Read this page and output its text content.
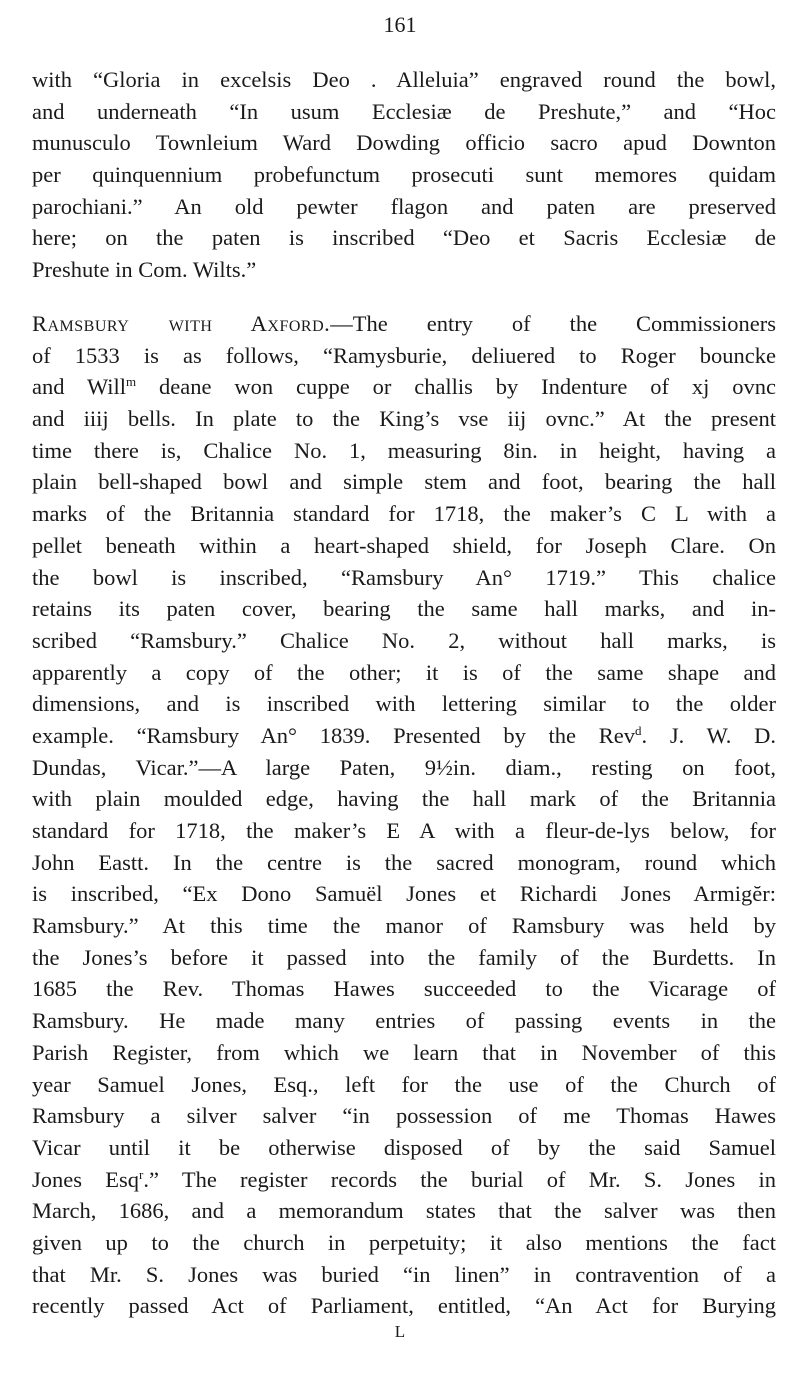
161
with “Gloria in excelsis Deo . Alleluia” engraved round the bowl,
and underneath “In usum Ecclesiæ de Preshute,” and “Hoc
munusculo Townleium Ward Dowding officio sacro apud Downton
per quinquennium probefunctum prosecuti sunt memores quidam
parochiani.” An old pewter flagon and paten are preserved
here; on the paten is inscribed “Deo et Sacris Ecclesiæ de
Preshute in Com. Wilts.”
Ramsbury with Axford.—The entry of the Commissioners
of 1533 is as follows, “Ramysburie, deliuered to Roger bouncke
and Will$^m$ deane won cuppe or challis by Indenture of xj ovnc
and iiij bells. In plate to the King’s vse iij ovnc.” At the present
time there is, Chalice No. 1, measuring 8in. in height, having a
plain bell-shaped bowl and simple stem and foot, bearing the hall
marks of the Britannia standard for 1718, the maker’s C L with a
pellet beneath within a heart-shaped shield, for Joseph Clare. On
the bowl is inscribed, “Ramsbury An° 1719.” This chalice
retains its paten cover, bearing the same hall marks, and in-
scribed “Ramsbury.” Chalice No. 2, without hall marks, is
apparently a copy of the other; it is of the same shape and
dimensions, and is inscribed with lettering similar to the older
example. “Ramsbury An° 1839. Presented by the Rev$^d$. J. W. D.
Dundas, Vicar.”—A large Paten, 9½in. diam., resting on foot,
with plain moulded edge, having the hall mark of the Britannia
standard for 1718, the maker’s E A with a fleur-de-lys below, for
John Eastt. In the centre is the sacred monogram, round which
is inscribed, “Ex Dono Samuël Jones et Richardi Jones Armigĕr:
Ramsbury.” At this time the manor of Ramsbury was held by
the Jones’s before it passed into the family of the Burdetts. In
1685 the Rev. Thomas Hawes succeeded to the Vicarage of
Ramsbury. He made many entries of passing events in the
Parish Register, from which we learn that in November of this
year Samuel Jones, Esq., left for the use of the Church of
Ramsbury a silver salver “in possession of me Thomas Hawes
Vicar until it be otherwise disposed of by the said Samuel
Jones Esq$^r$.” The register records the burial of Mr. S. Jones in
March, 1686, and a memorandum states that the salver was then
given up to the church in perpetuity; it also mentions the fact
that Mr. S. Jones was buried “in linen” in contravention of a
recently passed Act of Parliament, entitled, “An Act for Burying
L
